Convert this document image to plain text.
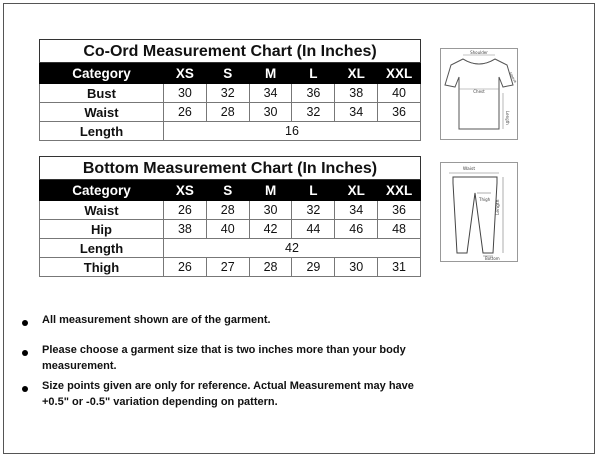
Co-Ord Measurement Chart (In Inches)						
Category	XS	S	M	L	XL	XXL
Bust	30	32	34	36	38	40
Waist	26	28	30	32	34	36
Length	16					
Shoulder
Chest
Length
Sleeve
Bottom Measurement Chart (In Inches)						
Category	XS	S	M	L	XL	XXL
Waist	26	28	30	32	34	36
Hip	38	40	42	44	46	48
Length	42					
Thigh	26	27	28	29	30	31
Waist
Thigh Length
Bottom
All measurement shown are of the garment.
Please choose a garment size that is two inches more than your body measurement.
Size points given are only for reference. Actual Measurement may have +0.5" or -0.5" variation depending on pattern.
